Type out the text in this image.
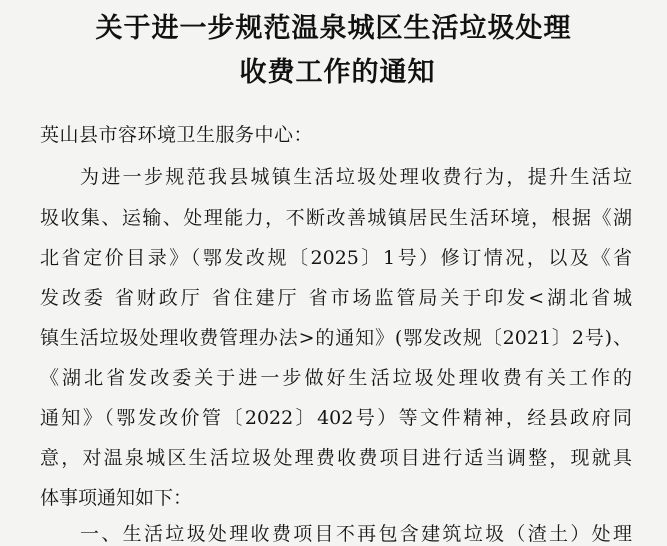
关于进一步规范温泉城区生活垃圾处理
收费工作的通知
英山县市容环境卫生服务中心：
为进一步规范我县城镇生活垃圾处理收费行为，提升生活垃
圾收集、运输、处理能力，不断改善城镇居民生活环境，根据《湖
北省定价目录》（鄂发改规〔2025〕1号）修订情况，以及《省
发改委 省财政厅 省住建厅 省市场监管局关于印发<湖北省城
镇生活垃圾处理收费管理办法>的通知》(鄂发改规〔2021〕2号)、
《湖北省发改委关于进一步做好生活垃圾处理收费有关工作的
通知》（鄂发改价管〔2022〕402号）等文件精神，经县政府同
意，对温泉城区生活垃圾处理费收费项目进行适当调整，现就具
体事项通知如下：
一、生活垃圾处理收费项目不再包含建筑垃圾（渣土）处理
